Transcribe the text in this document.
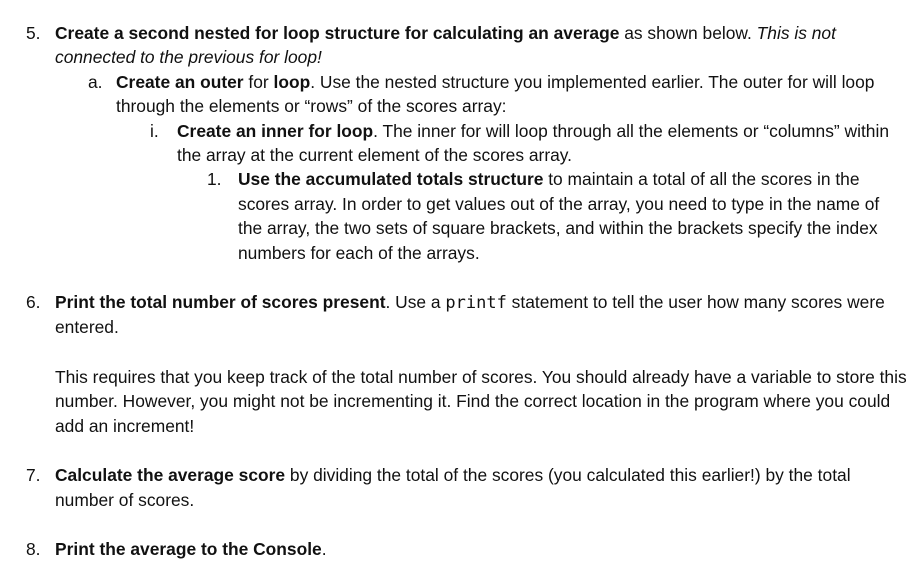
5. Create a second nested for loop structure for calculating an average as shown below. This is not connected to the previous for loop!
a. Create an outer for loop. Use the nested structure you implemented earlier. The outer for will loop through the elements or “rows” of the scores array:
i. Create an inner for loop. The inner for will loop through all the elements or “columns” within the array at the current element of the scores array.
1. Use the accumulated totals structure to maintain a total of all the scores in the scores array. In order to get values out of the array, you need to type in the name of the array, the two sets of square brackets, and within the brackets specify the index numbers for each of the arrays.
6. Print the total number of scores present. Use a printf statement to tell the user how many scores were entered.
This requires that you keep track of the total number of scores. You should already have a variable to store this number. However, you might not be incrementing it. Find the correct location in the program where you could add an increment!
7. Calculate the average score by dividing the total of the scores (you calculated this earlier!) by the total number of scores.
8. Print the average to the Console.
